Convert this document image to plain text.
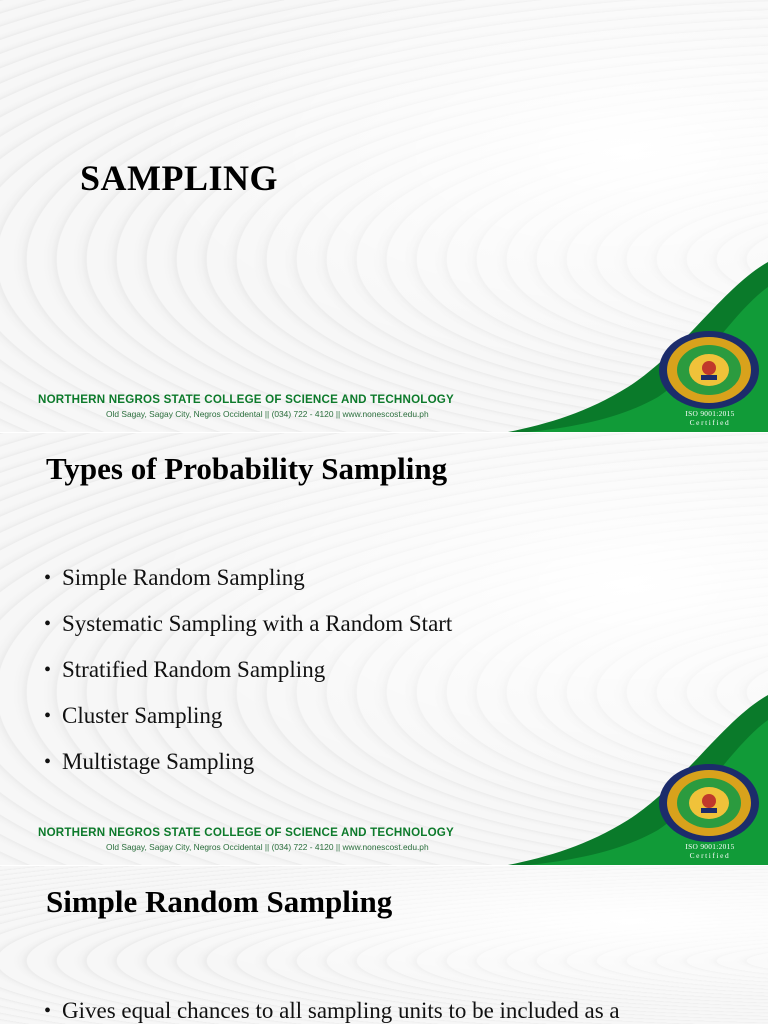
SAMPLING
ISO 9001:2015
Certified

NORTHERN NEGROS STATE COLLEGE OF SCIENCE AND TECHNOLOGY

Old Sagay, Sagay City, Negros Occidental || (034) 722 - 4120 || www.nonescost.edu.ph

Types of Probability Sampling
• Simple Random Sampling
• Systematic Sampling with a Random Start
• Stratified Random Sampling
• Cluster Sampling
• Multistage Sampling
ISO 9001:2015
Certified

NORTHERN NEGROS STATE COLLEGE OF SCIENCE AND TECHNOLOGY

Old Sagay, Sagay City, Negros Occidental || (034) 722 - 4120 || www.nonescost.edu.ph

Simple Random Sampling
• Gives equal chances to all sampling units to be included as a
